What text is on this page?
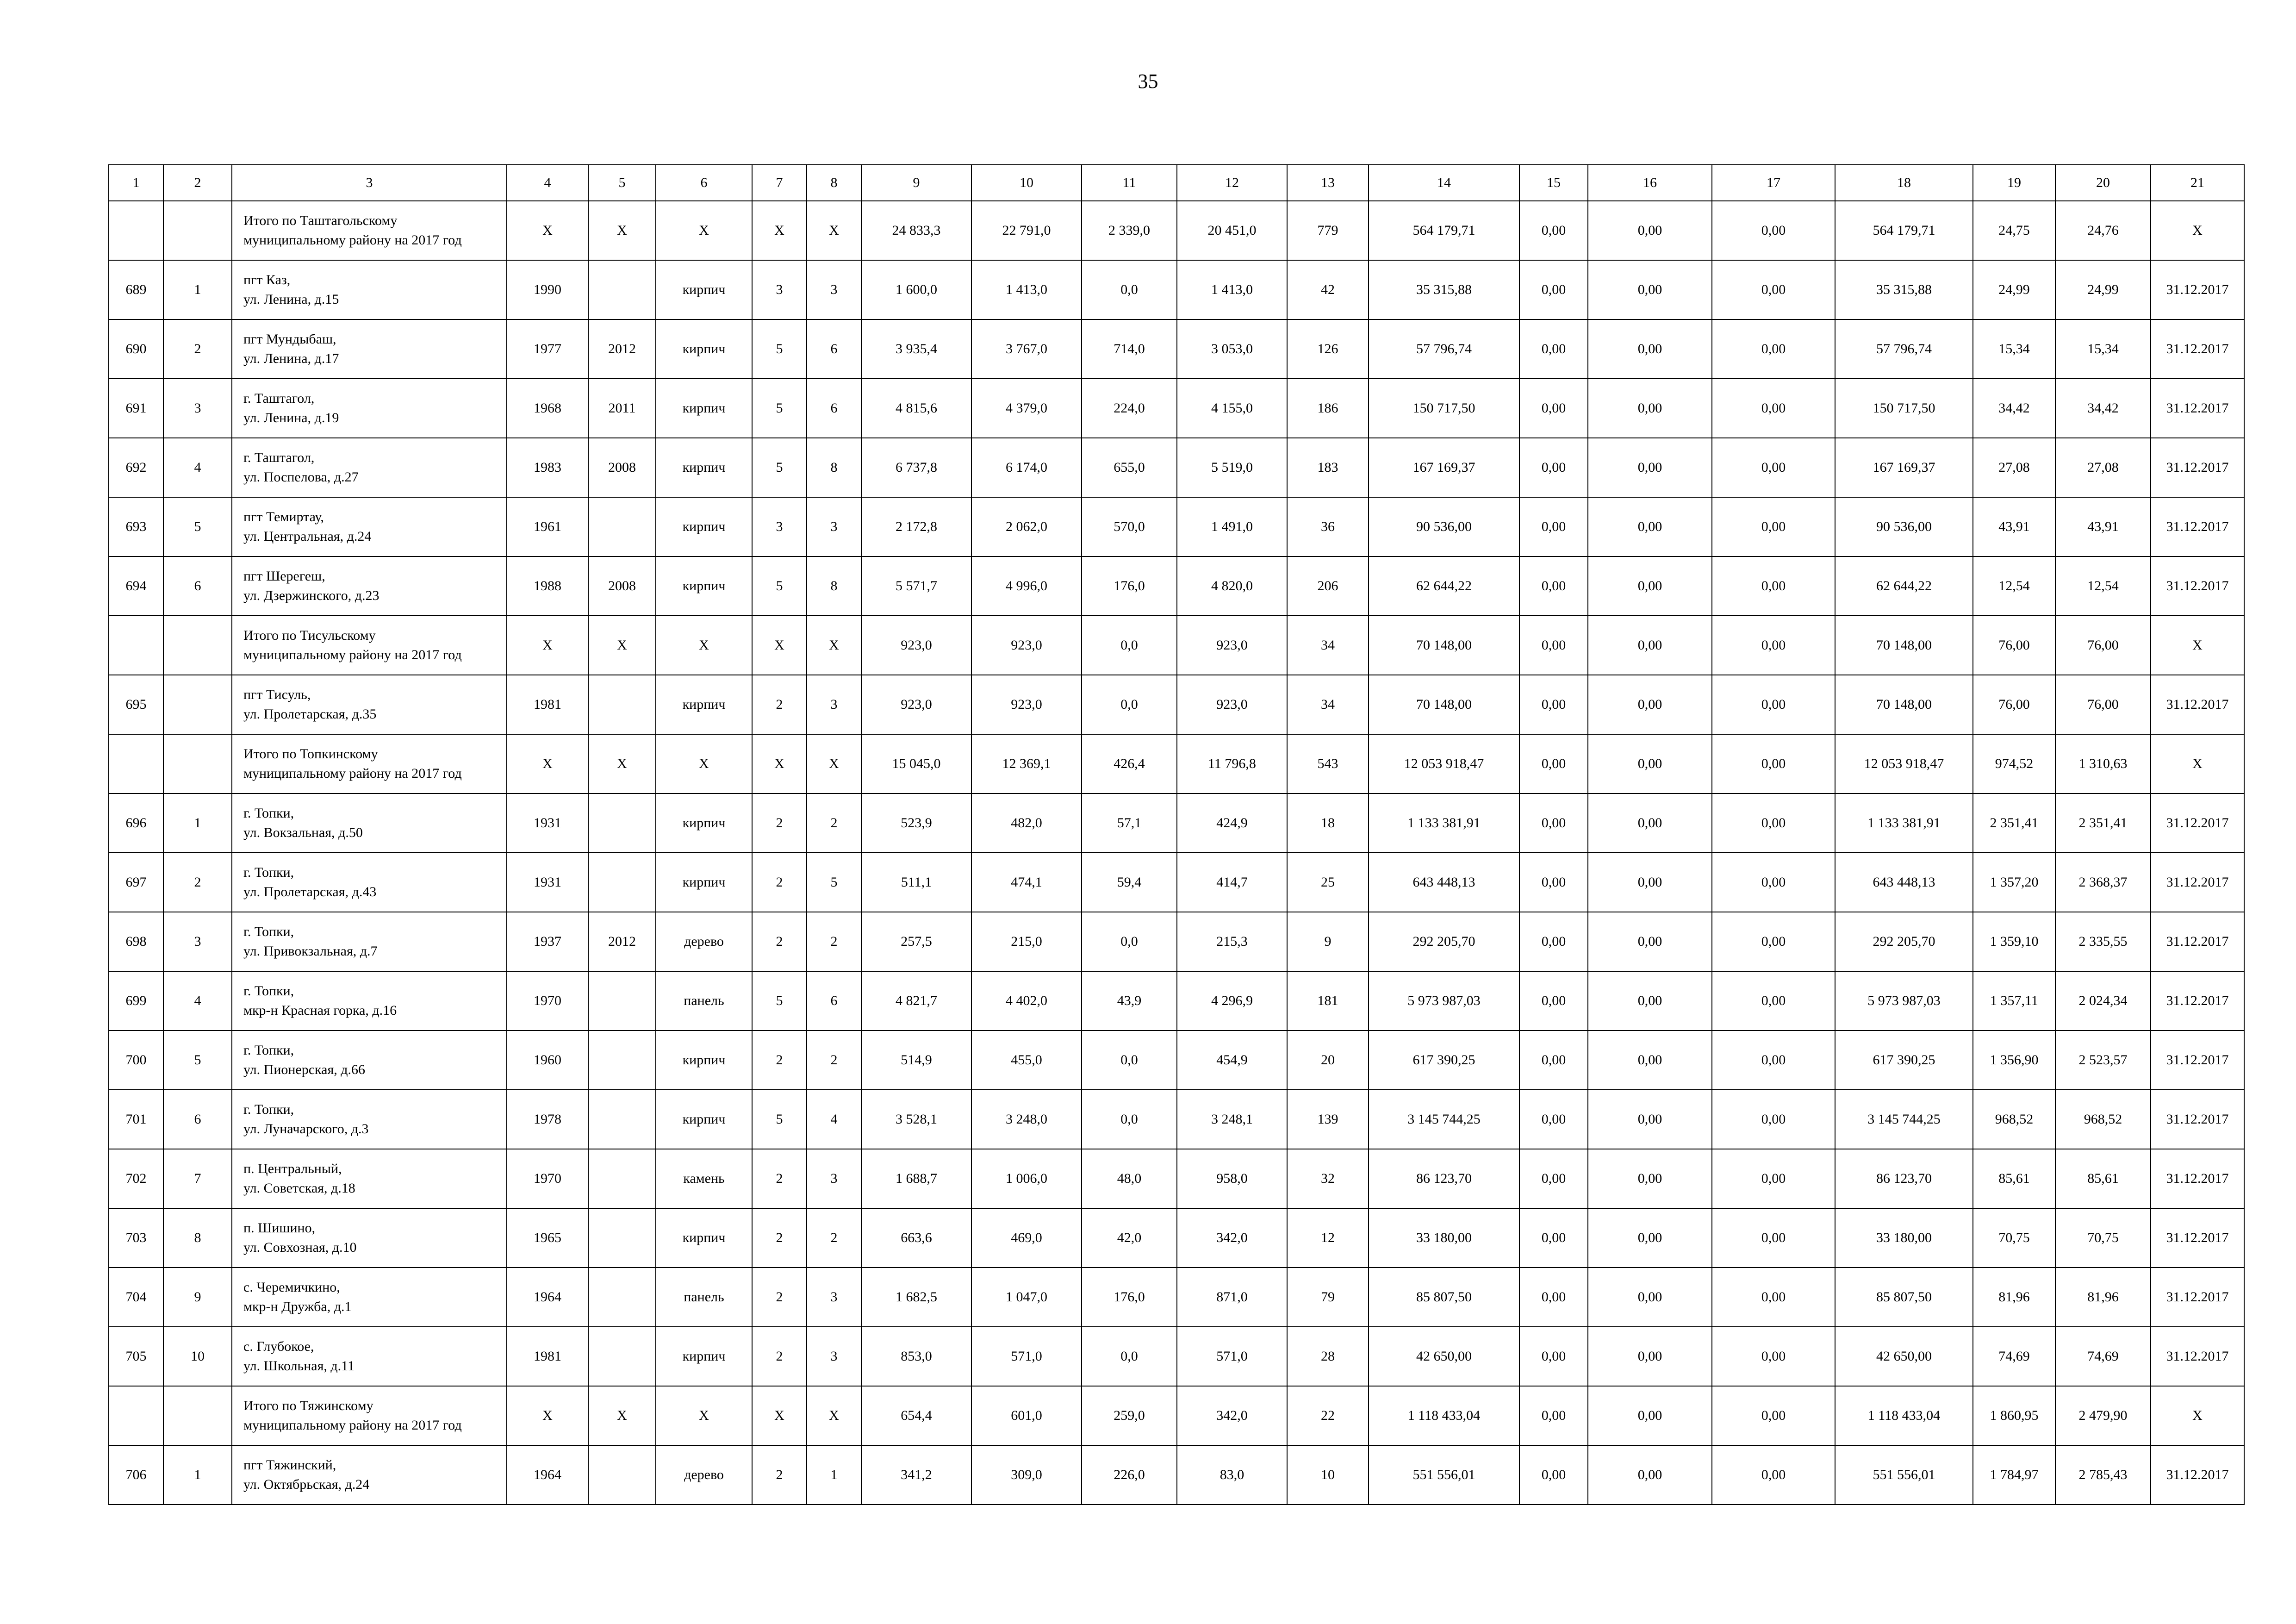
35
1	2	3	4	5	6	7	8	9	10	11	12	13	14	15	16	17	18	19	20	21

		Итого по Таштагольскому
муниципальному району на 2017 год	X	X	X	X	X	24 833,3	22 791,0	2 339,0	20 451,0	779	564 179,71	0,00	0,00	0,00	564 179,71	24,75	24,76	X
689	1	пгт Каз,
ул. Ленина, д.15	1990		кирпич	3	3	1 600,0	1 413,0	0,0	1 413,0	42	35 315,88	0,00	0,00	0,00	35 315,88	24,99	24,99	31.12.2017
690	2	пгт Мундыбаш,
ул. Ленина, д.17	1977	2012	кирпич	5	6	3 935,4	3 767,0	714,0	3 053,0	126	57 796,74	0,00	0,00	0,00	57 796,74	15,34	15,34	31.12.2017
691	3	г. Таштагол,
ул. Ленина, д.19	1968	2011	кирпич	5	6	4 815,6	4 379,0	224,0	4 155,0	186	150 717,50	0,00	0,00	0,00	150 717,50	34,42	34,42	31.12.2017
692	4	г. Таштагол,
ул. Поспелова, д.27	1983	2008	кирпич	5	8	6 737,8	6 174,0	655,0	5 519,0	183	167 169,37	0,00	0,00	0,00	167 169,37	27,08	27,08	31.12.2017
693	5	пгт Темиртау,
ул. Центральная, д.24	1961		кирпич	3	3	2 172,8	2 062,0	570,0	1 491,0	36	90 536,00	0,00	0,00	0,00	90 536,00	43,91	43,91	31.12.2017
694	6	пгт Шерегеш,
ул. Дзержинского, д.23	1988	2008	кирпич	5	8	5 571,7	4 996,0	176,0	4 820,0	206	62 644,22	0,00	0,00	0,00	62 644,22	12,54	12,54	31.12.2017

		Итого по Тисульскому
муниципальному району на 2017 год	X	X	X	X	X	923,0	923,0	0,0	923,0	34	70 148,00	0,00	0,00	0,00	70 148,00	76,00	76,00	X
695		пгт Тисуль,
ул. Пролетарская, д.35	1981		кирпич	2	3	923,0	923,0	0,0	923,0	34	70 148,00	0,00	0,00	0,00	70 148,00	76,00	76,00	31.12.2017

		Итого по Топкинскому
муниципальному району на 2017 год	X	X	X	X	X	15 045,0	12 369,1	426,4	11 796,8	543	12 053 918,47	0,00	0,00	0,00	12 053 918,47	974,52	1 310,63	X
696	1	г. Топки,
ул. Вокзальная, д.50	1931		кирпич	2	2	523,9	482,0	57,1	424,9	18	1 133 381,91	0,00	0,00	0,00	1 133 381,91	2 351,41	2 351,41	31.12.2017
697	2	г. Топки,
ул. Пролетарская, д.43	1931		кирпич	2	5	511,1	474,1	59,4	414,7	25	643 448,13	0,00	0,00	0,00	643 448,13	1 357,20	2 368,37	31.12.2017
698	3	г. Топки,
ул. Привокзальная, д.7	1937	2012	дерево	2	2	257,5	215,0	0,0	215,3	9	292 205,70	0,00	0,00	0,00	292 205,70	1 359,10	2 335,55	31.12.2017
699	4	г. Топки,
мкр-н Красная горка, д.16	1970		панель	5	6	4 821,7	4 402,0	43,9	4 296,9	181	5 973 987,03	0,00	0,00	0,00	5 973 987,03	1 357,11	2 024,34	31.12.2017
700	5	г. Топки,
ул. Пионерская, д.66	1960		кирпич	2	2	514,9	455,0	0,0	454,9	20	617 390,25	0,00	0,00	0,00	617 390,25	1 356,90	2 523,57	31.12.2017
701	6	г. Топки,
ул. Луначарского, д.3	1978		кирпич	5	4	3 528,1	3 248,0	0,0	3 248,1	139	3 145 744,25	0,00	0,00	0,00	3 145 744,25	968,52	968,52	31.12.2017
702	7	п. Центральный,
ул. Советская, д.18	1970		камень	2	3	1 688,7	1 006,0	48,0	958,0	32	86 123,70	0,00	0,00	0,00	86 123,70	85,61	85,61	31.12.2017
703	8	п. Шишино,
ул. Совхозная, д.10	1965		кирпич	2	2	663,6	469,0	42,0	342,0	12	33 180,00	0,00	0,00	0,00	33 180,00	70,75	70,75	31.12.2017
704	9	с. Черемичкино,
мкр-н Дружба, д.1	1964		панель	2	3	1 682,5	1 047,0	176,0	871,0	79	85 807,50	0,00	0,00	0,00	85 807,50	81,96	81,96	31.12.2017
705	10	с. Глубокое,
ул. Школьная, д.11	1981		кирпич	2	3	853,0	571,0	0,0	571,0	28	42 650,00	0,00	0,00	0,00	42 650,00	74,69	74,69	31.12.2017

		Итого по Тяжинскому
муниципальному району на 2017 год	X	X	X	X	X	654,4	601,0	259,0	342,0	22	1 118 433,04	0,00	0,00	0,00	1 118 433,04	1 860,95	2 479,90	X
706	1	пгт Тяжинский,
ул. Октябрьская, д.24	1964		дерево	2	1	341,2	309,0	226,0	83,0	10	551 556,01	0,00	0,00	0,00	551 556,01	1 784,97	2 785,43	31.12.2017
